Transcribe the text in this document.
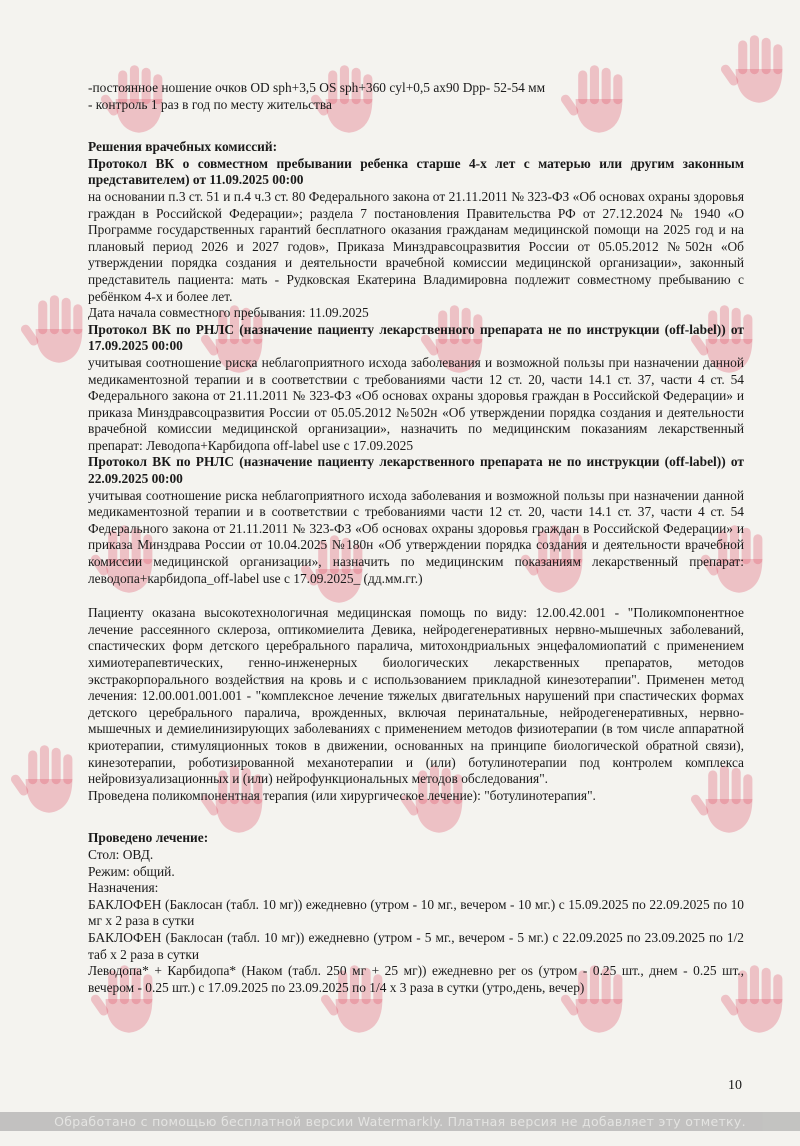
-постоянное ношение очков OD sph+3,5 OS sph+360 cyl+0,5 ax90 Dpp- 52-54 мм

- контроль 1 раз в год по месту жительства

Решения врачебных комиссий:

Протокол ВК о совместном пребывании ребенка старше 4-х лет с матерью или другим законным представителем) от 11.09.2025 00:00

на основании п.3 ст. 51 и п.4 ч.3 ст. 80 Федерального закона от 21.11.2011 № 323-ФЗ «Об основах охраны здоровья граждан в Российской Федерации»; раздела 7 постановления Правительства РФ от 27.12.2024 № 1940 «О Программе государственных гарантий бесплатного оказания гражданам медицинской помощи на 2025 год и на плановый период 2026 и 2027 годов», Приказа Минздравсоцразвития России от 05.05.2012 №502н «Об утверждении порядка создания и деятельности врачебной комиссии медицинской организации», законный представитель пациента: мать - Рудковская Екатерина Владимировна подлежит совместному пребыванию с ребёнком 4-х и более лет.

Дата начала совместного пребывания: 11.09.2025

Протокол ВК по РНЛС (назначение пациенту лекарственного препарата не по инструкции (off-label)) от 17.09.2025 00:00

учитывая соотношение риска неблагоприятного исхода заболевания и возможной пользы при назначении данной медикаментозной терапии и в соответствии с требованиями части 12 ст. 20, части 14.1 ст. 37, части 4 ст. 54 Федерального закона от 21.11.2011 № 323-ФЗ «Об основах охраны здоровья граждан в Российской Федерации» и приказа Минздравсоцразвития России от 05.05.2012 №502н «Об утверждении порядка создания и деятельности врачебной комиссии медицинской организации», назначить по медицинским показаниям лекарственный препарат: Леводопа+Карбидопа off-label use с 17.09.2025

Протокол ВК по РНЛС (назначение пациенту лекарственного препарата не по инструкции (off-label)) от 22.09.2025 00:00

учитывая соотношение риска неблагоприятного исхода заболевания и возможной пользы при назначении данной медикаментозной терапии и в соответствии с требованиями части 12 ст. 20, части 14.1 ст. 37, части 4 ст. 54 Федерального закона от 21.11.2011 № 323-ФЗ «Об основах охраны здоровья граждан в Российской Федерации» и приказа Минздрава России от 10.04.2025 №180н «Об утверждении порядка создания и деятельности врачебной комиссии медицинской организации», назначить по медицинским показаниям лекарственный препарат: леводопа+карбидопа_off-label use с 17.09.2025_ (дд.мм.гг.)

Пациенту оказана высокотехнологичная медицинская помощь по виду: 12.00.42.001 - "Поликомпонентное лечение рассеянного склероза, оптикомиелита Девика, нейродегенеративных нервно-мышечных заболеваний, спастических форм детского церебрального паралича, митохондриальных энцефаломиопатий с применением химиотерапевтических, генно-инженерных биологических лекарственных препаратов, методов экстракорпорального воздействия на кровь и с использованием прикладной кинезотерапии". Применен метод лечения: 12.00.001.001.001 - "комплексное лечение тяжелых двигательных нарушений при спастических формах детского церебрального паралича, врожденных, включая перинатальные, нейродегенеративных, нервно-мышечных и демиелинизирующих заболеваниях с применением методов физиотерапии (в том числе аппаратной криотерапии, стимуляционных токов в движении, основанных на принципе биологической обратной связи), кинезотерапии, роботизированной механотерапии и (или) ботулинотерапии под контролем комплекса нейровизуализационных и (или) нейрофункциональных методов обследования".

Проведена поликомпонентная терапия (или хирургическое лечение): "ботулинотерапия".

Проведено лечение:

Стол: ОВД.

Режим: общий.

Назначения:

БАКЛОФЕН (Баклосан (табл. 10 мг)) ежедневно (утром - 10 мг., вечером - 10 мг.) с 15.09.2025 по 22.09.2025 по 10 мг х 2 раза в сутки

БАКЛОФЕН (Баклосан (табл. 10 мг)) ежедневно (утром - 5 мг., вечером - 5 мг.) с 22.09.2025 по 23.09.2025 по 1/2 таб х 2 раза в сутки

Леводопа* + Карбидопа* (Наком (табл. 250 мг + 25 мг)) ежедневно per os (утром - 0.25 шт., днем - 0.25 шт., вечером - 0.25 шт.) с 17.09.2025 по 23.09.2025 по 1/4 х 3 раза в сутки (утро,день, вечер)

10
Обработано с помощью бесплатной версии Watermarkly. Платная версия не добавляет эту отметку.
